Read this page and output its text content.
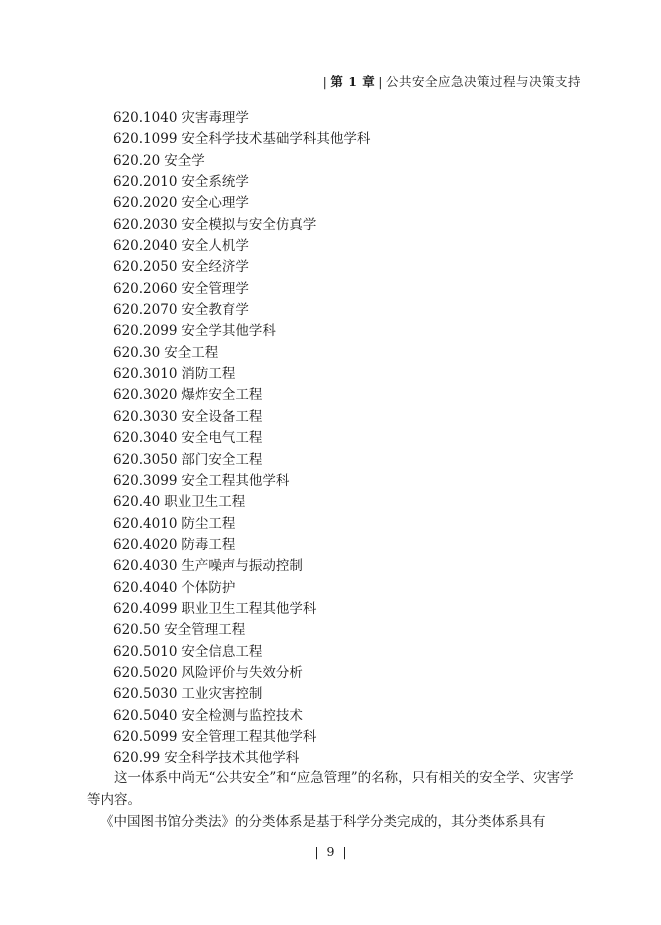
| 第 1 章 | 公共安全应急决策过程与决策支持
620.1040 灾害毒理学
620.1099 安全科学技术基础学科其他学科
620.20 安全学
620.2010 安全系统学
620.2020 安全心理学
620.2030 安全模拟与安全仿真学
620.2040 安全人机学
620.2050 安全经济学
620.2060 安全管理学
620.2070 安全教育学
620.2099 安全学其他学科
620.30 安全工程
620.3010 消防工程
620.3020 爆炸安全工程
620.3030 安全设备工程
620.3040 安全电气工程
620.3050 部门安全工程
620.3099 安全工程其他学科
620.40 职业卫生工程
620.4010 防尘工程
620.4020 防毒工程
620.4030 生产噪声与振动控制
620.4040 个体防护
620.4099 职业卫生工程其他学科
620.50 安全管理工程
620.5010 安全信息工程
620.5020 风险评价与失效分析
620.5030 工业灾害控制
620.5040 安全检测与监控技术
620.5099 安全管理工程其他学科
620.99 安全科学技术其他学科

这一体系中尚无“公共安全”和“应急管理”的名称，只有相关的安全学、灾害学等内容。

《中国图书馆分类法》的分类体系是基于科学分类完成的，其分类体系具有

| 9 |
